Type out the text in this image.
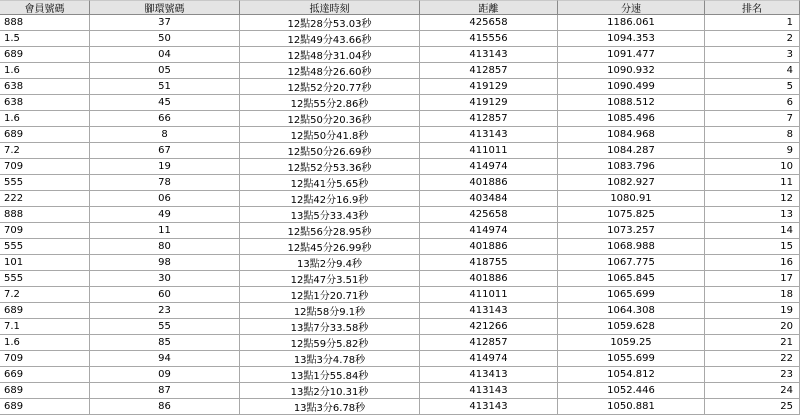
會員號碼	腳環號碼	抵達時刻	距離	分速	排名
888	37	12點28分53.03秒	425658	1186.061	1
1.5	50	12點49分43.66秒	415556	1094.353	2
689	04	12點48分31.04秒	413143	1091.477	3
1.6	05	12點48分26.60秒	412857	1090.932	4
638	51	12點52分20.77秒	419129	1090.499	5
638	45	12點55分2.86秒	419129	1088.512	6
1.6	66	12點50分20.36秒	412857	1085.496	7
689	8	12點50分41.8秒	413143	1084.968	8
7.2	67	12點50分26.69秒	411011	1084.287	9
709	19	12點52分53.36秒	414974	1083.796	10
555	78	12點41分5.65秒	401886	1082.927	11
222	06	12點42分16.9秒	403484	1080.91	12
888	49	13點5分33.43秒	425658	1075.825	13
709	11	12點56分28.95秒	414974	1073.257	14
555	80	12點45分26.99秒	401886	1068.988	15
101	98	13點2分9.4秒	418755	1067.775	16
555	30	12點47分3.51秒	401886	1065.845	17
7.2	60	12點1分20.71秒	411011	1065.699	18
689	23	12點58分9.1秒	413143	1064.308	19
7.1	55	13點7分33.58秒	421266	1059.628	20
1.6	85	12點59分5.82秒	412857	1059.25	21
709	94	13點3分4.78秒	414974	1055.699	22
669	09	13點1分55.84秒	413413	1054.812	23
689	87	13點2分10.31秒	413143	1052.446	24
689	86	13點3分6.78秒	413143	1050.881	25
